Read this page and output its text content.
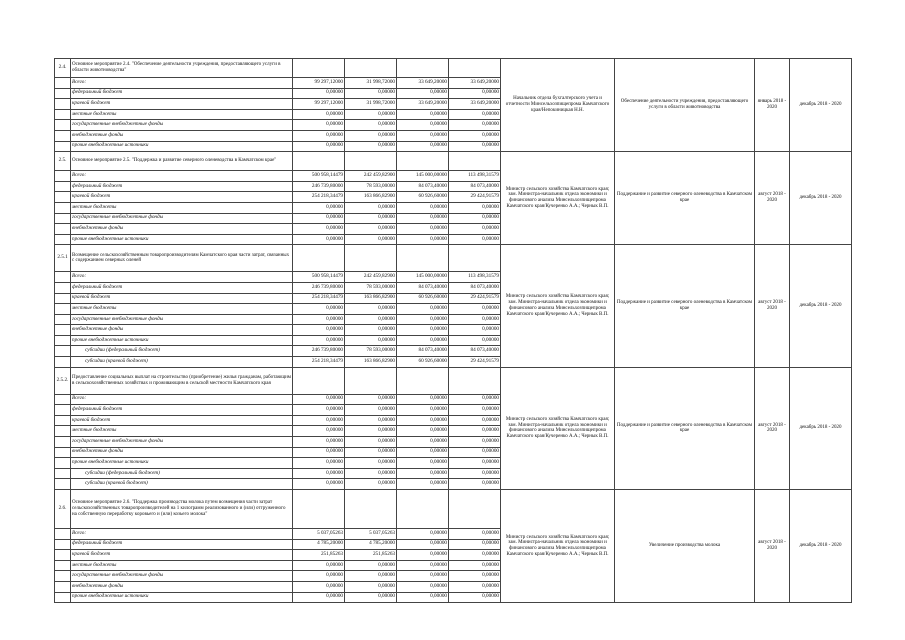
2.4.	Основное мероприятие 2.4. "Обеспечение деятельности учреждения, предоставляющего услуги в области животноводства"					Начальник отдела бухгалтерского учета и отчетности Минсельхозпищепрома Камчатского края/Непокиницкая Н.Н.	Обеспечение деятельности учреждения, предоставляющего услуги в области животноводства	январь 2018 - 2020	декабрь 2018 - 2020
	Всего:	99 297,12000	31 998,72000	33 649,20000	33 649,20000				
	федеральный бюджет	0,00000	0,00000	0,00000	0,00000				
	краевой бюджет	99 297,12000	31 998,72000	33 649,20000	33 649,20000				
	местные бюджеты	0,00000	0,00000	0,00000	0,00000				
	государственные внебюджетные фонды	0,00000	0,00000	0,00000	0,00000				
	внебюджетные фонды	0,00000	0,00000	0,00000	0,00000				
	прочие внебюджетные источники	0,00000	0,00000	0,00000	0,00000				
2.5.	Основное мероприятие 2.5. "Поддержка и развитие северного оленеводства в Камчатском крае"					Министр сельского хозяйства Камчатского края; зам. Министра-начальник отдела экономики и финансового анализа Минсельхозпищепрома Камчатского края/Кучеренко А.А.; Чернык В.П.	Поддержание и развитие северного оленеводства в Камчатском крае	август 2018 - 2020	декабрь 2018 - 2020
	Всего:	500 958,14479	242 459,82900	145 000,00000	113 498,31579				
	федеральный бюджет	246 739,80000	78 593,00000	84 073,40000	84 073,40000				
	краевой бюджет	254 218,34479	163 866,82900	60 926,60000	29 424,91579				
	местные бюджеты	0,00000	0,00000	0,00000	0,00000				
	государственные внебюджетные фонды	0,00000	0,00000	0,00000	0,00000				
	внебюджетные фонды	0,00000	0,00000	0,00000	0,00000				
	прочие внебюджетные источники	0,00000	0,00000	0,00000	0,00000				
2.5.1	Возмещение сельскохозяйственным товаропроизводителям Камчатского края части затрат, связанных с содержанием северных оленей					Министр сельского хозяйства Камчатского края; зам. Министра-начальник отдела экономики и финансового анализа Минсельхозпищепрома Камчатского края/Кучеренко А.А.; Чернык В.П.	Поддержание и развитие северного оленеводства в Камчатском крае	август 2018 - 2020	декабрь 2018 - 2020
	Всего:	500 958,14479	242 459,82900	145 000,00000	113 498,31579				
	федеральный бюджет	246 739,80000	78 593,00000	84 073,40000	84 073,40000				
	краевой бюджет	254 218,34479	163 866,82900	60 926,60000	29 424,91579				
	местные бюджеты	0,00000	0,00000	0,00000	0,00000				
	государственные внебюджетные фонды	0,00000	0,00000	0,00000	0,00000				
	внебюджетные фонды	0,00000	0,00000	0,00000	0,00000				
	прочие внебюджетные источники	0,00000	0,00000	0,00000	0,00000				
	субсидии (федеральный бюджет)	246 739,80000	78 593,00000	84 073,40000	84 073,40000				
	субсидии (краевой бюджет)	254 218,34479	163 866,82900	60 926,60000	29 424,91579				
2.5.2.	Предоставление социальных выплат на строительство (приобретение) жилья гражданам, работающим в сельскохозяйственных хозяйствах и проживающим в сельской местности Камчатского края					Министр сельского хозяйства Камчатского края; зам. Министра-начальник отдела экономики и финансового анализа Минсельхозпищепрома Камчатского края/Кучеренко А.А.; Чернык В.П.	Поддержание и развитие северного оленеводства в Камчатском крае	август 2018 - 2020	декабрь 2018 - 2020
	Всего:	0,00000	0,00000	0,00000	0,00000				
	федеральный бюджет	0,00000	0,00000	0,00000	0,00000				
	краевой бюджет	0,00000	0,00000	0,00000	0,00000				
	местные бюджеты	0,00000	0,00000	0,00000	0,00000				
	государственные внебюджетные фонды	0,00000	0,00000	0,00000	0,00000				
	внебюджетные фонды	0,00000	0,00000	0,00000	0,00000				
	прочие внебюджетные источники	0,00000	0,00000	0,00000	0,00000				
	субсидии (федеральный бюджет)	0,00000	0,00000	0,00000	0,00000				
	субсидии (краевой бюджет)	0,00000	0,00000	0,00000	0,00000				
2.6.	Основное мероприятие 2.6. "Поддержка производства молока путем возмещения части затрат сельскохозяйственных товаропроизводителей на 1 килограмм реализованного и (или) отгруженного на собственную переработку коровьего и (или) козьего молока"					Министр сельского хозяйства Камчатского края; зам. Министра-начальник отдела экономики и финансового анализа Минсельхозпищепрома Камчатского края/Кучеренко А.А.; Чернык В.П.	Увеличение производства молока	август 2018 - 2020	декабрь 2018 - 2020
	Всего:	5 037,05263	5 037,05263	0,00000	0,00000				
	федеральный бюджет	4 785,20000	4 785,20000	0,00000	0,00000				
	краевой бюджет	251,85263	251,85263	0,00000	0,00000				
	местные бюджеты	0,00000	0,00000	0,00000	0,00000				
	государственные внебюджетные фонды	0,00000	0,00000	0,00000	0,00000				
	внебюджетные фонды	0,00000	0,00000	0,00000	0,00000				
	прочие внебюджетные источники	0,00000	0,00000	0,00000	0,00000				
